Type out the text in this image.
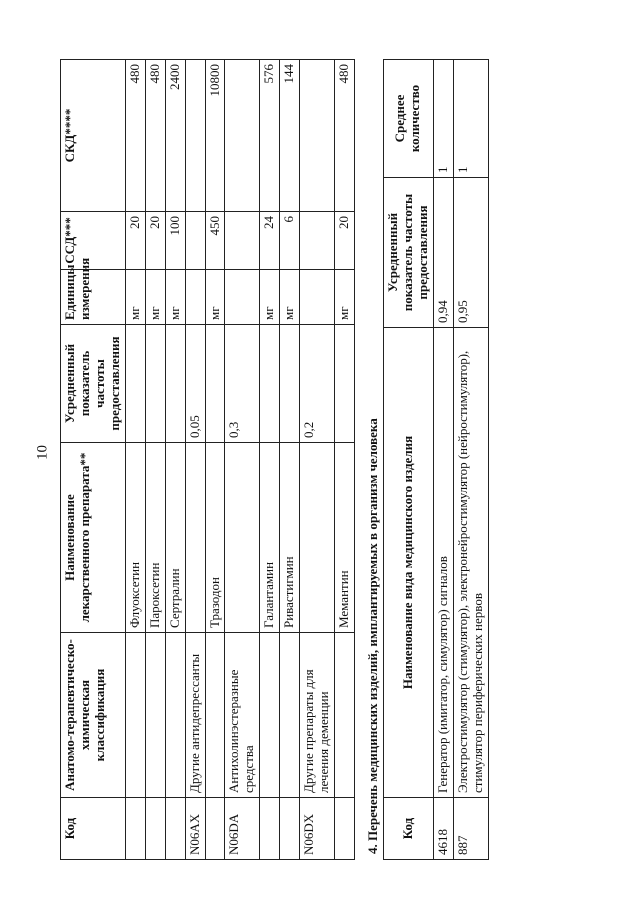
10
Код	Анатомо-терапевтическо-химическая классификация	Наименование лекарственного препарата**	Усредненный показатель частоты предоставления	Единицы измерения	ССД***	СКД****
		Флуоксетин		мг	20	480
		Пароксетин		мг	20	480
		Сертралин		мг	100	2400
N06AX	Другие антидепрессанты		0,05			
		Тразодон		мг	450	10800
N06DA	Антихолинэстеразные средства		0,3			
		Галантамин		мг	24	576
		Ривастигмин		мг	6	144
N06DX	Другие препараты для лечения деменции		0,2			
		Мемантин		мг	20	480
4. Перечень медицинских изделий, имплантируемых в организм человека Код	Наименование вида медицинского изделия	Усредненный показатель частоты предоставления	Среднее количество
4618	Генератор (имитатор, симулятор) сигналов	0,94	1
887	Электростимулятор (стимулятор), электронейростимулятор (нейростимулятор), стимулятор периферических нервов	0,95	1
